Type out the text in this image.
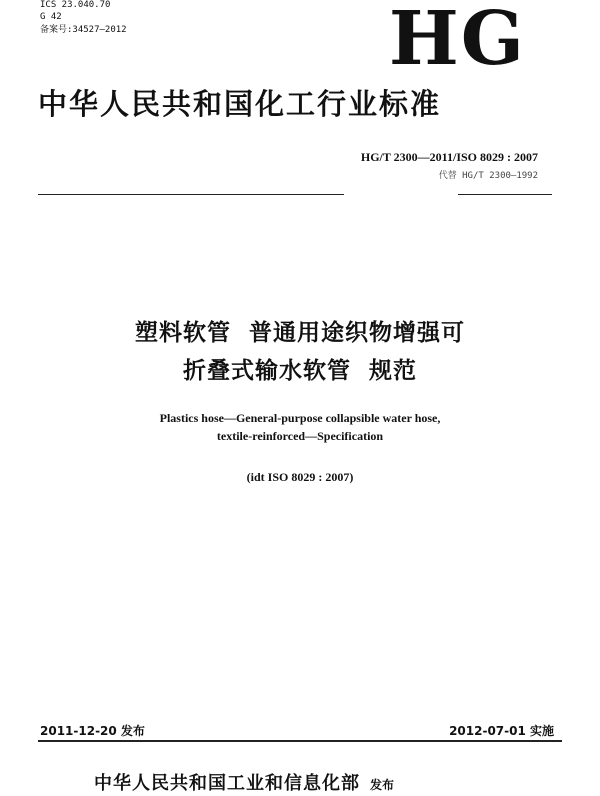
ICS 23.040.70
G 42
备案号:34527—2012	HG
中华人民共和国化工行业标准
HG/T 2300—2011/ISO 8029 : 2007
代替 HG/T 2300—1992
塑料软管  普通用途织物增强可
折叠式输水软管  规范
Plastics hose—General-purpose collapsible water hose,
textile-reinforced—Specification
(idt ISO 8029 : 2007)
2011-12-20 发布	2012-07-01 实施
中华人民共和国工业和信息化部 发布
